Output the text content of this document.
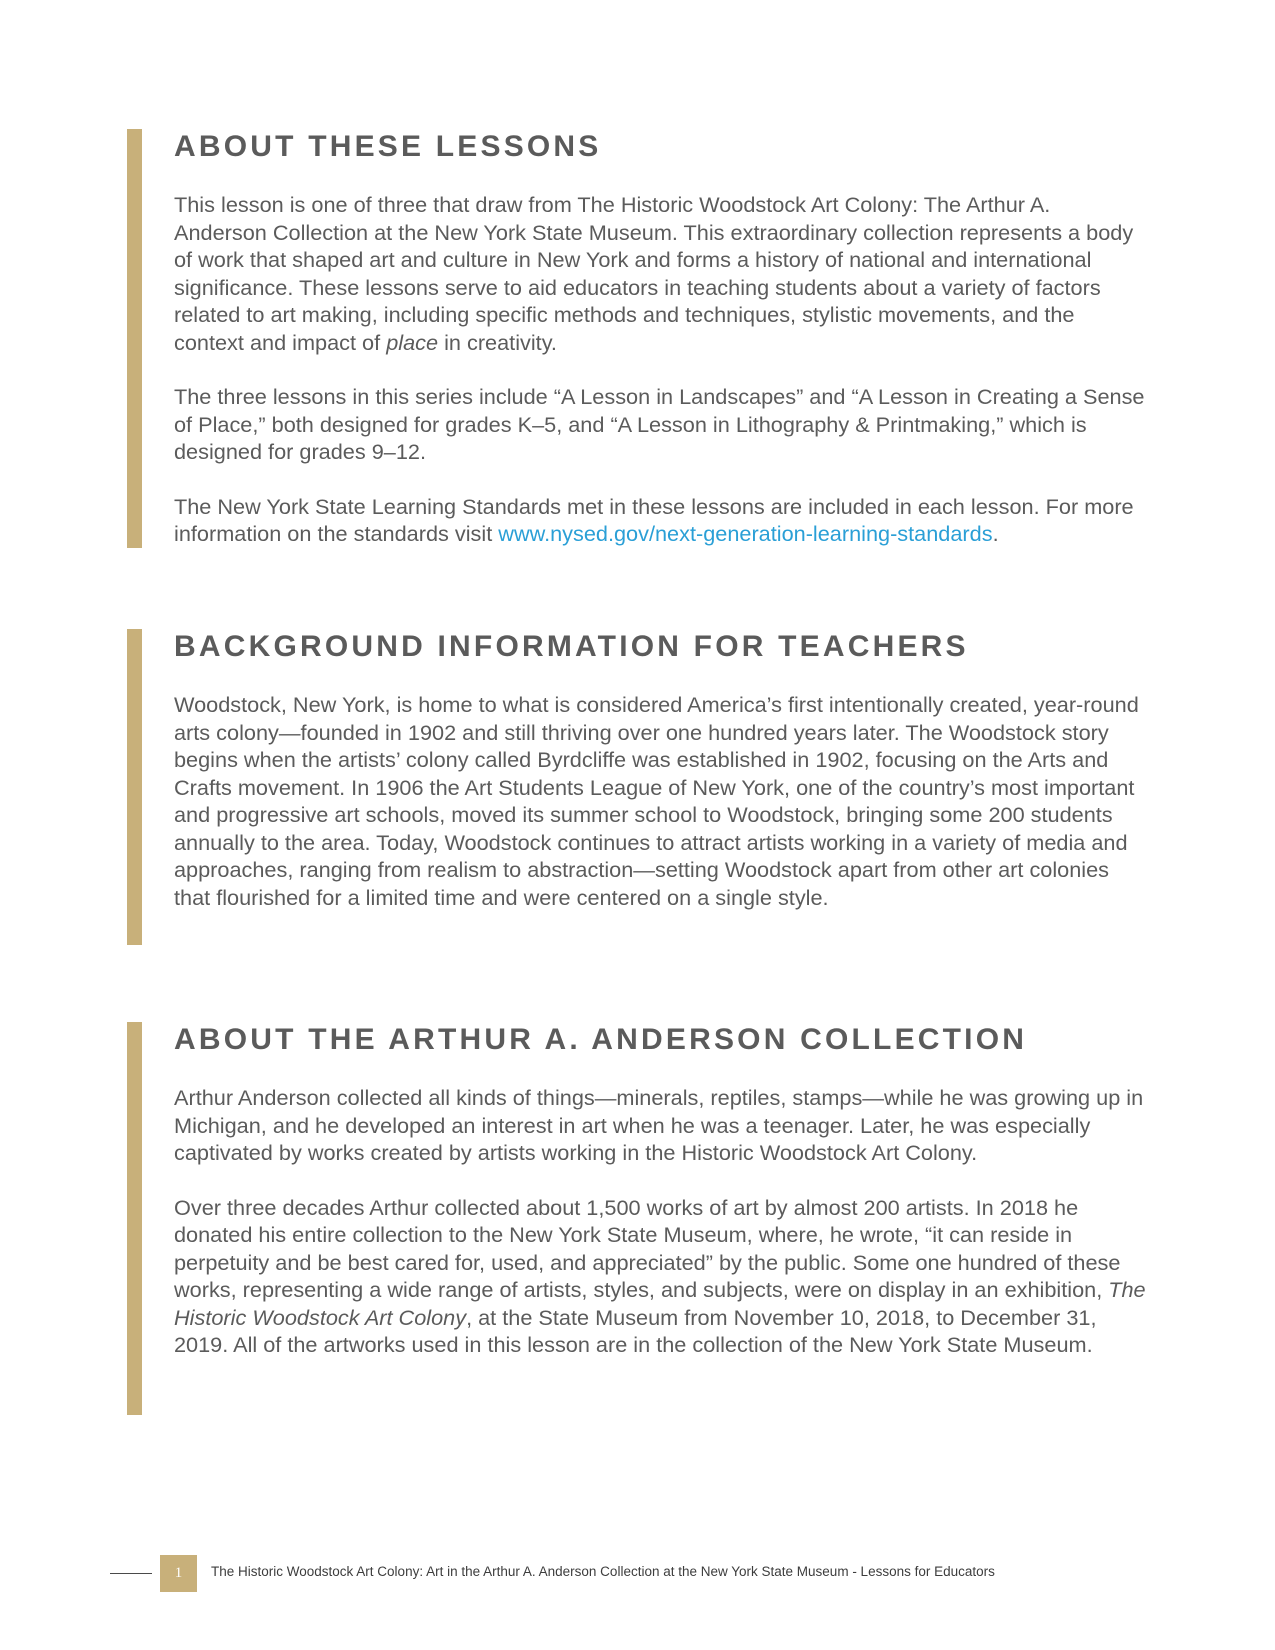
ABOUT THESE LESSONS

This lesson is one of three that draw from The Historic Woodstock Art Colony: The Arthur A. Anderson Collection at the New York State Museum. This extraordinary collection represents a body of work that shaped art and culture in New York and forms a history of national and international significance. These lessons serve to aid educators in teaching students about a variety of factors related to art making, including specific methods and techniques, stylistic movements, and the context and impact of place in creativity.

The three lessons in this series include “A Lesson in Landscapes” and “A Lesson in Creating a Sense of Place,” both designed for grades K–5, and “A Lesson in Lithography & Printmaking,” which is designed for grades 9–12.

The New York State Learning Standards met in these lessons are included in each lesson. For more information on the standards visit www.nysed.gov/next-generation-learning-standards.

BACKGROUND INFORMATION FOR TEACHERS

Woodstock, New York, is home to what is considered America’s first intentionally created, year-round arts colony—founded in 1902 and still thriving over one hundred years later. The Woodstock story begins when the artists’ colony called Byrdcliffe was established in 1902, focusing on the Arts and Crafts movement. In 1906 the Art Students League of New York, one of the country’s most important and progressive art schools, moved its summer school to Woodstock, bringing some 200 students annually to the area. Today, Woodstock continues to attract artists working in a variety of media and approaches, ranging from realism to abstraction—setting Woodstock apart from other art colonies that flourished for a limited time and were centered on a single style.

ABOUT THE ARTHUR A. ANDERSON COLLECTION

Arthur Anderson collected all kinds of things—minerals, reptiles, stamps—while he was growing up in Michigan, and he developed an interest in art when he was a teenager. Later, he was especially captivated by works created by artists working in the Historic Woodstock Art Colony.

Over three decades Arthur collected about 1,500 works of art by almost 200 artists. In 2018 he donated his entire collection to the New York State Museum, where, he wrote, “it can reside in perpetuity and be best cared for, used, and appreciated” by the public. Some one hundred of these works, representing a wide range of artists, styles, and subjects, were on display in an exhibition, The Historic Woodstock Art Colony, at the State Museum from November 10, 2018, to December 31, 2019. All of the artworks used in this lesson are in the collection of the New York State Museum.

1	The Historic Woodstock Art Colony: Art in the Arthur A. Anderson Collection at the New York State Museum - Lessons for Educators
